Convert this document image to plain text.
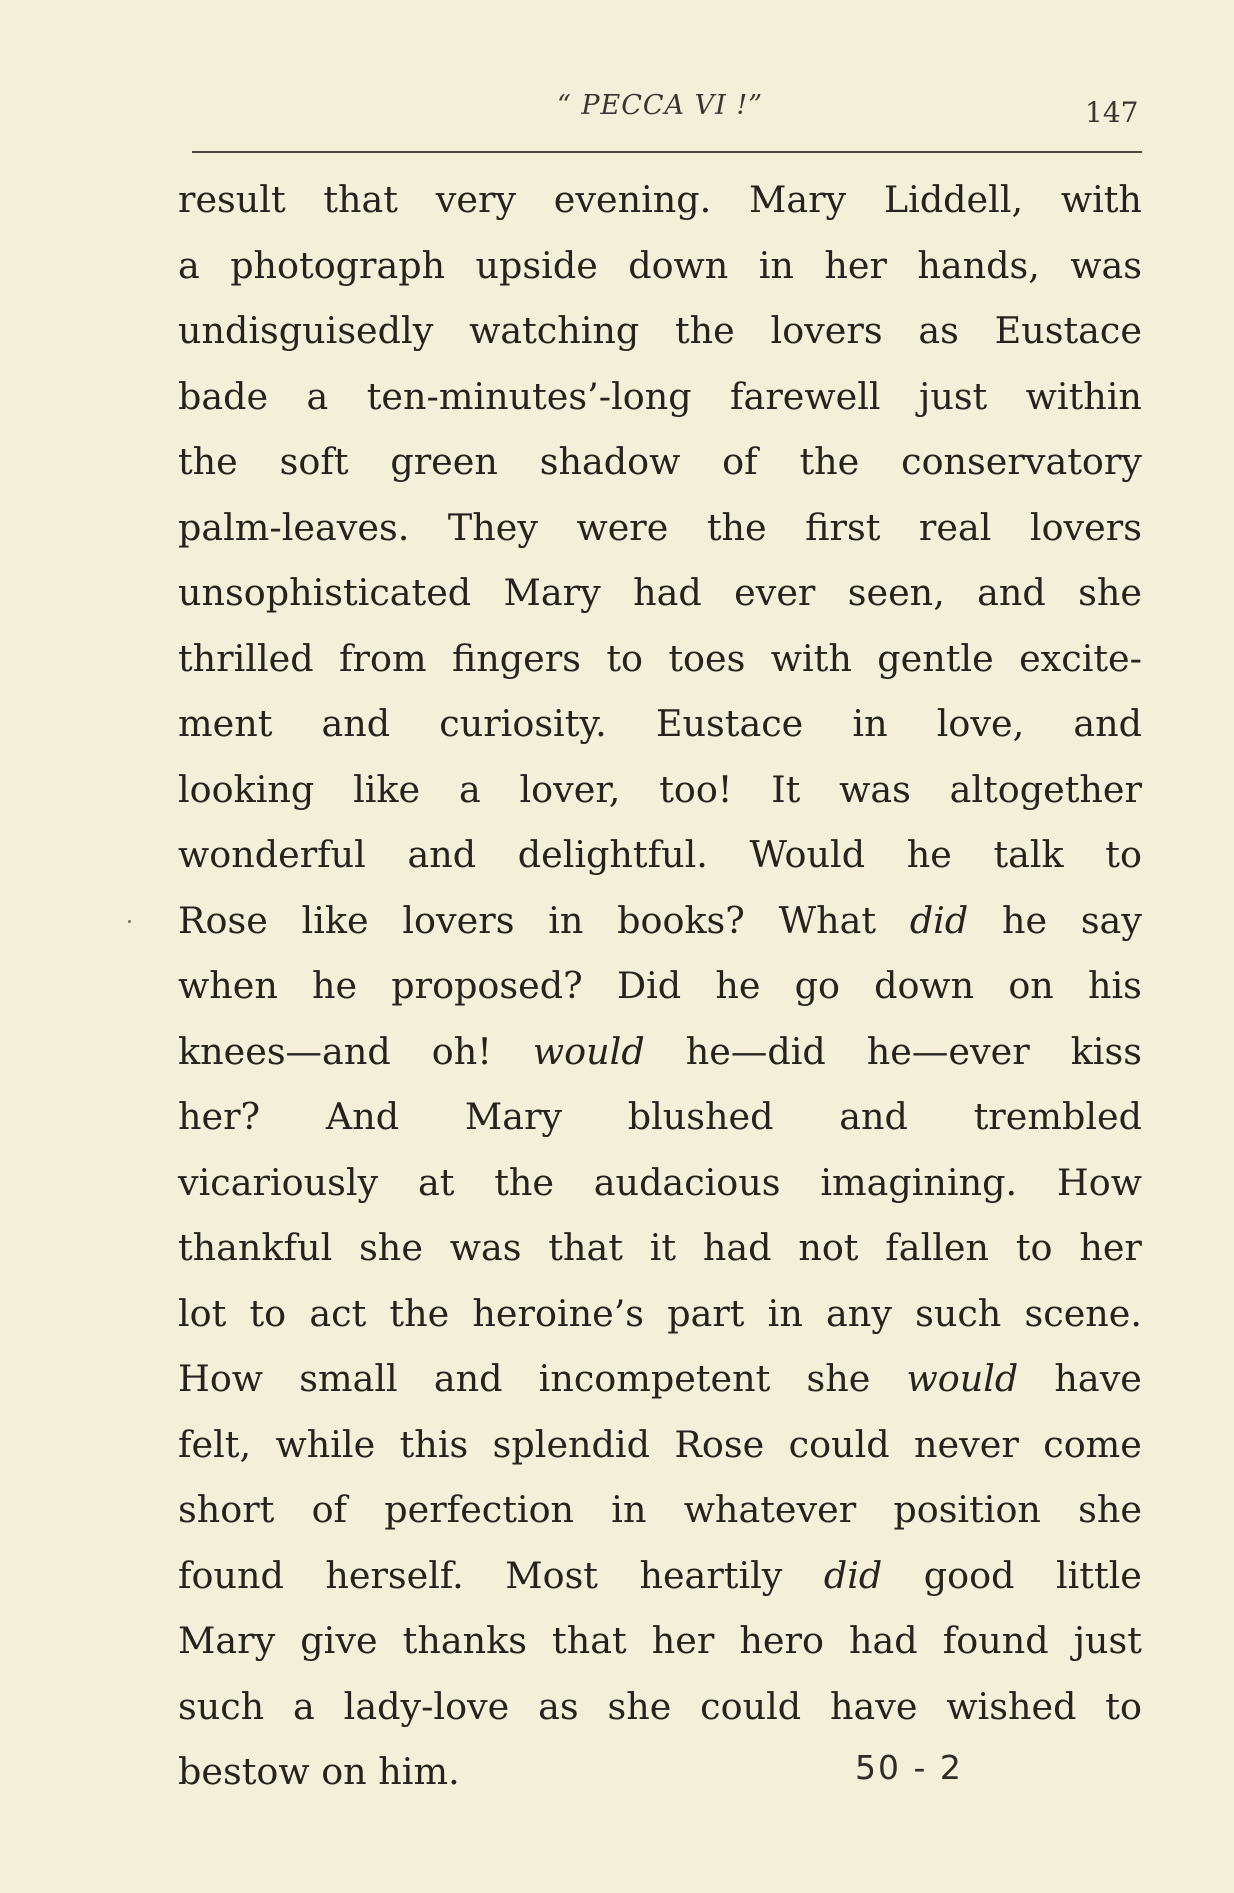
“ PECCA VI !”	147
result that very evening. Mary Liddell, with
a photograph upside down in her hands, was
undisguisedly watching the lovers as Eustace
bade a ten-minutes’-long farewell just within
the soft green shadow of the conservatory
palm-leaves. They were the first real lovers
unsophisticated Mary had ever seen, and she
thrilled from fingers to toes with gentle excite-
ment and curiosity. Eustace in love, and
looking like a lover, too! It was altogether
wonderful and delightful. Would he talk to
Rose like lovers in books? What did he say
when he proposed? Did he go down on his
knees—and oh! would he—did he—ever kiss
her? And Mary blushed and trembled
vicariously at the audacious imagining. How
thankful she was that it had not fallen to her
lot to act the heroine’s part in any such scene.
How small and incompetent she would have
felt, while this splendid Rose could never come
short of perfection in whatever position she
found herself. Most heartily did good little
Mary give thanks that her hero had found just
such a lady-love as she could have wished to
bestow
on
him.
	50 - 2
